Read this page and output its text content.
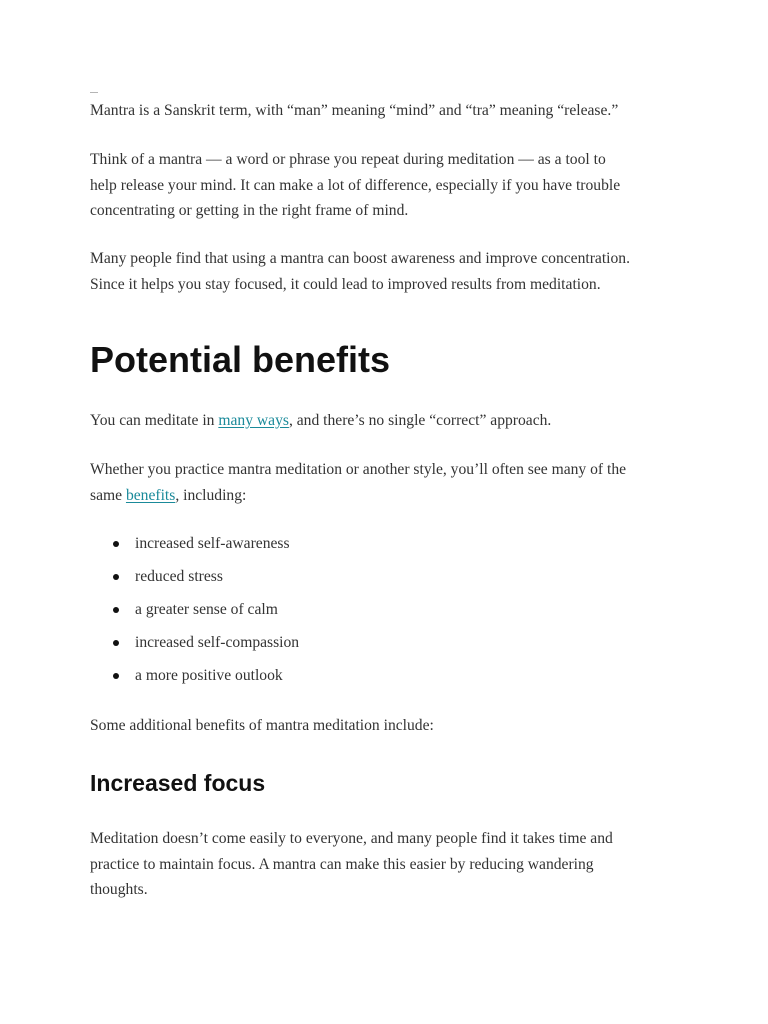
Mantra is a Sanskrit term, with “man” meaning “mind” and “tra” meaning “release.”

Think of a mantra — a word or phrase you repeat during meditation — as a tool to
help release your mind. It can make a lot of difference, especially if you have trouble
concentrating or getting in the right frame of mind.

Many people find that using a mantra can boost awareness and improve concentration.
Since it helps you stay focused, it could lead to improved results from meditation.

Potential benefits

You can meditate in many ways, and there’s no single “correct” approach.

Whether you practice mantra meditation or another style, you’ll often see many of the
same benefits, including:

increased self-awareness
reduced stress
a greater sense of calm
increased self-compassion
a more positive outlook

Some additional benefits of mantra meditation include:

Increased focus

Meditation doesn’t come easily to everyone, and many people find it takes time and
practice to maintain focus. A mantra can make this easier by reducing wandering
thoughts.
